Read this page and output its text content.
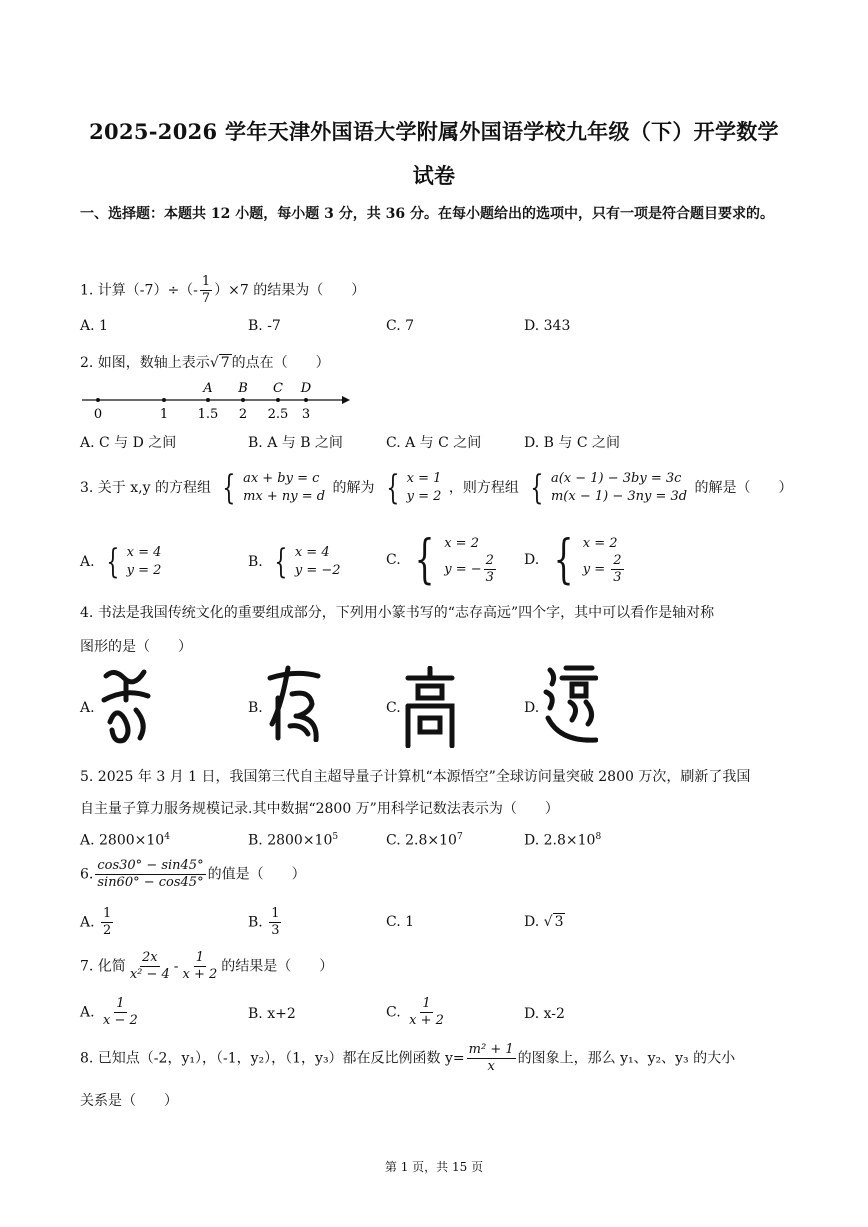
2025-2026 学年天津外国语大学附属外国语学校九年级（下）开学数学
试卷
一、选择题：本题共 12 小题，每小题 3 分，共 36 分。在每小题给出的选项中，只有一项是符合题目要求的。
1. 计算$(-7)\div(- \frac{1}{7} )\times 7$ 的结果为（　　）
A. 1	B. -7	C. 7	D. 343
2. 如图，数轴上表示√ 7 的点在（　　）
A B C D
0	1 1.5 2 2.5 3
A. C 与 D 之间	B. A 与 B 之间	C. A 与 C 之间	D. B 与 C 之间
3. 关于 x,y 的方程组 { ax + by = c
mx + ny = d
的解为 { x = 1
y = 2
，则方程组 { a(x − 1) − 3by = 3c
m(x − 1) − 3ny = 3d
的解是（　　）
A. { x = 4
y = 2
B. { x = 4
y = −2
C. { x = 2
y = − $\frac{2}{3} D$. { x = 2
$y = \frac{2}{3}$
4. 书法是我国传统文化的重要组成部分，下列用小篆书写的“志存高远”四个字，其中可以看作是轴对称
图形的是（　　）
A.	B.	C.	D.
5. 2025 年 3 月 1 日，我国第三代自主超导量子计算机“本源悟空”全球访问量突破 2800 万次，刷新了我国
自主量子算力服务规模记录.其中数据“2800 万”用科学记数法表示为（　　）
A. $2800\times 10^4$	B. $2800\times 10^5$	C. $2.8\times 10^7$	D. $2.8\times 10^8$
6. $\frac{\cos 30^\circ - \sin 45^\circ}{\sin 60^\circ - \cos 45^\circ}$ 的值是（　　）
A. $\frac{1}{2}$	B. $\frac{1}{3}$	C. 1	D. √ 3
7. 化简 $\frac{2x}{\text{x² − 4}} - \frac{1}{x + 2}$ 的结果是（　　）
A. $\frac{1}{x - 2}$	B. x+2	C. $\frac{1}{x + 2}$	D. x-2
8. 已知点（-2，y₁），（-1，y₂），（1，y₃）都在反比例函数 $y= \frac{\text{m² + 1}}{x}$ 的图象上，那么 y₁、y₂、y₃ 的大小
关系是（　　）
第 1 页，共 15 页
